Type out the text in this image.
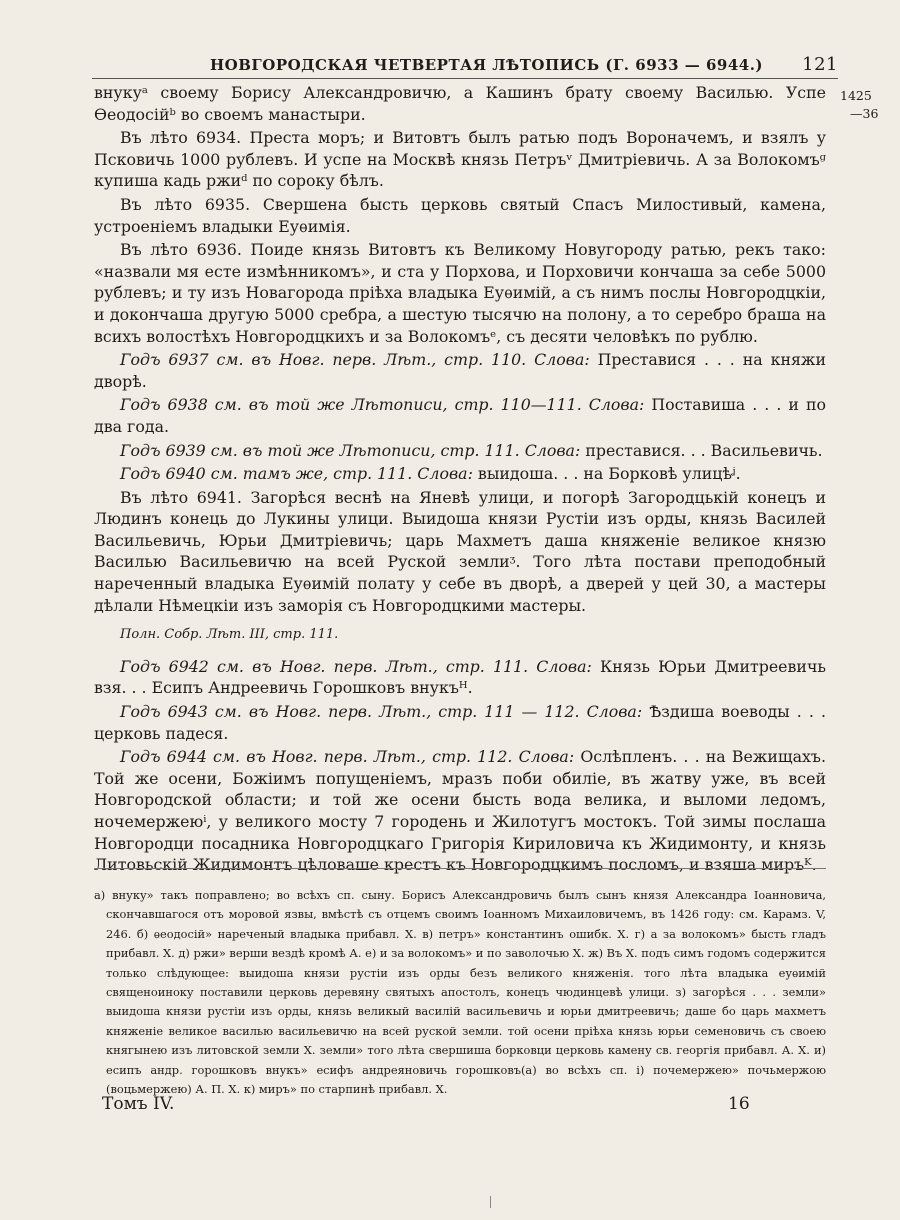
НОВГОРОДСКАЯ ЧЕТВЕРТАЯ ЛѢТОПИСЬ (Г. 6933 — 6944.) 121
1425
—36

внукуᵃ своему Борису Александровичю, а Кашинъ брату своему Василью. Успе Ѳеодосійᵇ во своемъ манастыри.

Въ лѣто 6934. Преста моръ; и Витовтъ былъ ратью подъ Ворoначемъ, и взялъ у Псковичь 1000 рублевъ. И успе на Москвѣ князь Петръᵛ Дмитріевичь. А за Волокомъᵍ купиша кадь ржиᵈ по сороку бѣлъ.

Въ лѣто 6935. Свершена бысть церковь святый Спасъ Милостивый, камена, устроеніемъ владыки Еуѳимія.

Въ лѣто 6936. Поиде князь Витовтъ къ Великому Новугороду ратью, рекъ тако: «назвали мя есте измѣнникомъ», и ста у Порхова, и Порховичи кончаша за себе 5000 рублевъ; и ту изъ Новагорода пріѣха владыка Еуѳимій, а съ нимъ послы Новгородцкіи, и докончаша другую 5000 сребра, а шестую тысячю на полону, а то серебро браша на всихъ волостѣхъ Новгородцкихъ и за Волокомъᵉ, съ десяти человѣкъ по рублю.

Годъ 6937 см. въ Новг. перв. Лѣт., стр. 110. Слова: Преставися . . . на княжи дворѣ.

Годъ 6938 см. въ той же Лѣтописи, стр. 110—111. Слова: Поставиша . . . и по два года.

Годъ 6939 см. въ той же Лѣтописи, стр. 111. Слова: преставися. . . Васильевичь.

Годъ 6940 см. тамъ же, стр. 111. Слова: выидоша. . . на Борковѣ улицѣᶨ.

Въ лѣто 6941. Загорѣся веснѣ на Яневѣ улици, и погорѣ Загородцькій конецъ и Людинъ конець до Лукины улици. Выидоша князи Рустіи изъ орды, князь Василей Васильевичь, Юрьи Дмитріевичь; царь Махметъ даша княженіе великое князю Василью Васильевичю на всей Руской землиᶾ. Того лѣта постави преподобный нареченный владыка Еуѳимій полату у себе въ дворѣ, а дверей у цей 30, а мастеры дѣлали Нѣмецкіи изъ заморія съ Новгородцкими мастеры.

Полн. Собр. Лѣт. III, стр. 111.

Годъ 6942 см. въ Новг. перв. Лѣт., стр. 111. Слова: Князь Юрьи Дмитреевичь взя. . . Есипъ Андреевичь Горошковъ внукъᴴ.

Годъ 6943 см. въ Новг. перв. Лѣт., стр. 111 — 112. Слова: Ѣздиша воеводы . . . церковь падеся.

Годъ 6944 см. въ Новг. перв. Лѣт., стр. 112. Слова: Ослѣпленъ. . . на Вежищахъ. Той же осени, Божіимъ попущеніемъ, мразъ поби обиліе, въ жатву уже, въ всей Новгородской области; и той же осени бысть вода велика, и выломи ледомъ, ночемержеюⁱ, у великого мосту 7 городень и Жилотугъ мостокъ. Той зимы послаша Новгородци посадника Новгородцкаго Григорія Кириловича къ Жидимонту, и князь Литовьскій Жидимонтъ цѣловаше крестъ къ Новгородцкимъ посломъ, и взяша миръᴷ.

а) внуку» такъ поправлено; во всѣхъ сп. сыну. Борисъ Александровичь былъ сынъ князя Александра Іоанновича, скончавшагося отъ моровой язвы, вмѣстѣ съ отцемъ своимъ Іоанномъ Михаиловичемъ, въ 1426 году: см. Карамз. V, 246. б) ѳеодосій» нареченый владыка прибавл. Х. в) петръ» константинъ ошибк. Х. г) а за волокомъ» бысть гладъ прибавл. Х. д) ржи» верши вездѣ кромѣ А. е) и за волокомъ» и по заволочью Х. ж) Въ Х. подъ симъ годомъ содержится только слѣдующее: выидоша князи рустіи изъ орды безъ великого княженія. того лѣта владыка еуѳимій священоиноку поставили церковь деревяну святыхъ апостолъ, конецъ чюдинцевѣ улици. з) загорѣся . . . земли» выидоша князи рустіи изъ орды, князь великый василій васильевичь и юрьи дмитреевичь; даше бо царь махметъ княженіе великое василью васильевичю на всей руской земли. той осени пріѣха князь юрьи семеновичь съ своею княгынею изъ литовской земли Х. земли» того лѣта свершиша борковци церковь камену св. георгія прибавл. А. Х. и) есипъ андр. горошковъ внукъ» есифъ андреяновичь горошковъ(а) во всѣхъ сп. і) почемержею» почьмержою (воцьмержею) А. П. Х. к) миръ» по старпинѣ прибавл. Х.

Томъ IV.	16
